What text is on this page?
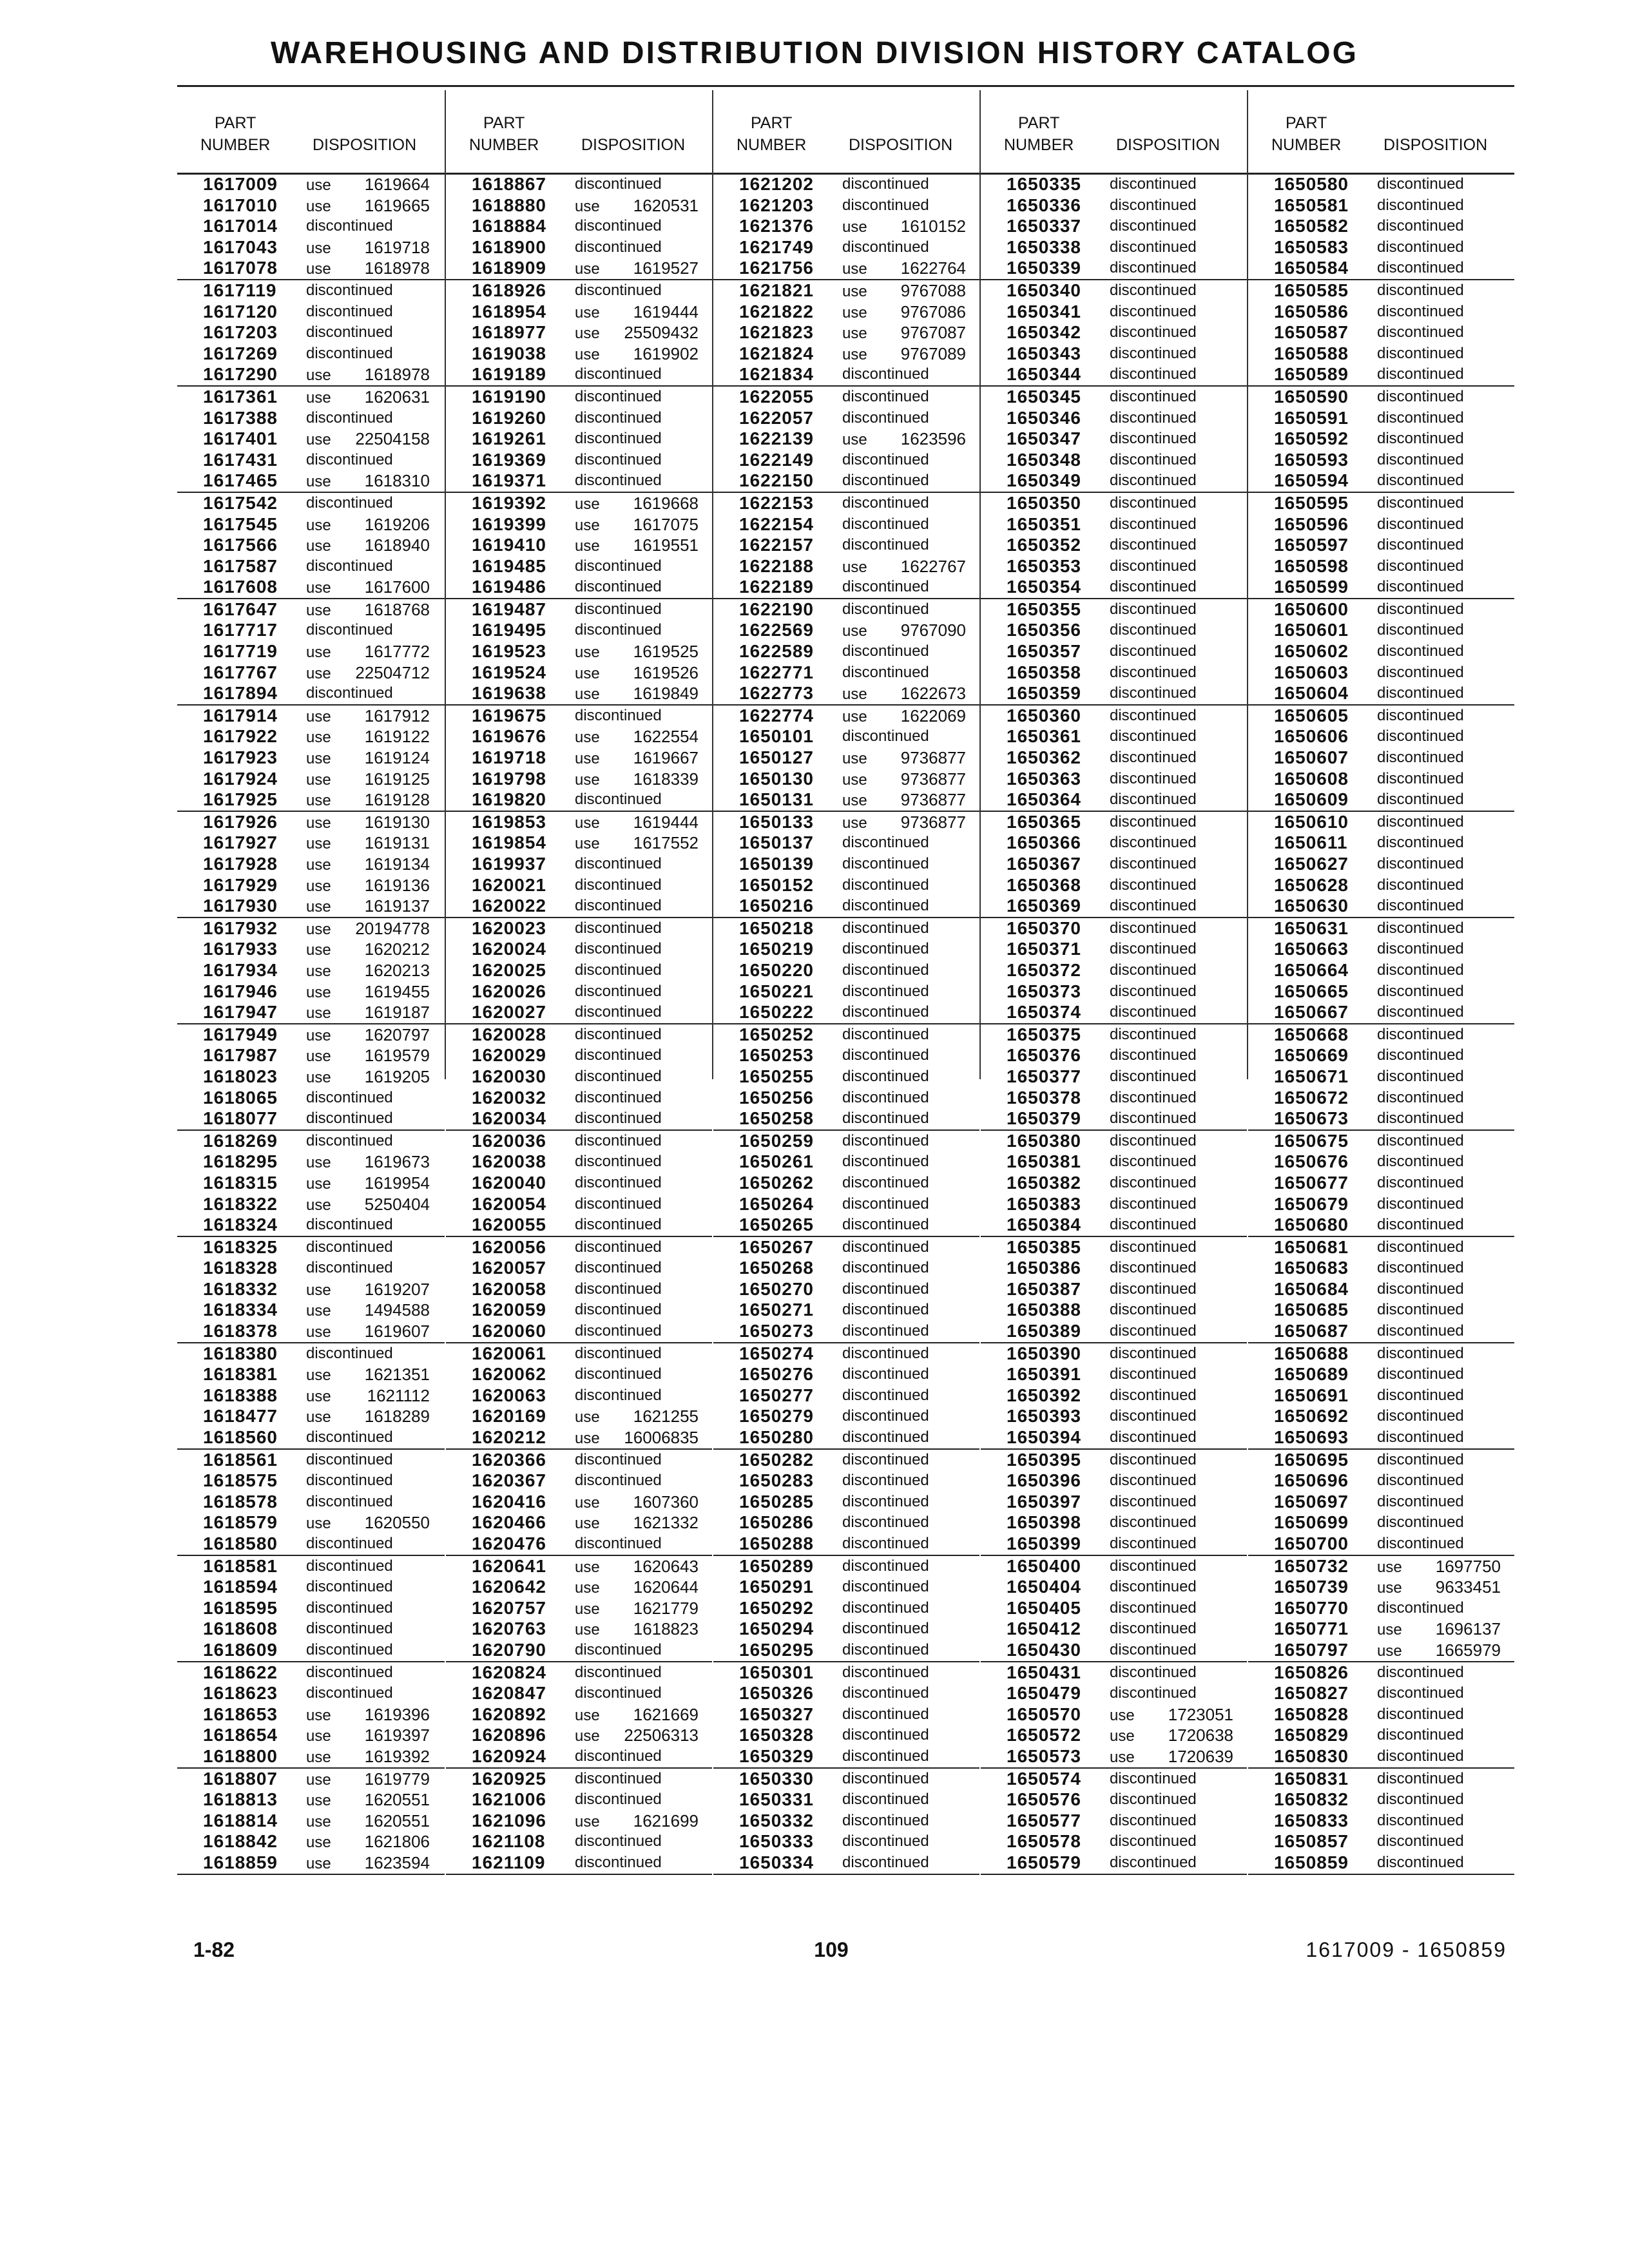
WAREHOUSING AND DISTRIBUTION DIVISION HISTORY CATALOG
PART
NUMBER	DISPOSITION
1617009 use 1619664
1617010 use 1619665
1617014 discontinued
1617043 use 1619718
1617078 use 1618978
1617119 discontinued
1617120 discontinued
1617203 discontinued
1617269 discontinued
1617290 use 1618978
1617361 use 1620631
1617388 discontinued
1617401 use 22504158
1617431 discontinued
1617465 use 1618310
1617542 discontinued
1617545 use 1619206
1617566 use 1618940
1617587 discontinued
1617608 use 1617600
1617647 use 1618768
1617717 discontinued
1617719 use 1617772
1617767 use 22504712
1617894 discontinued
1617914 use 1617912
1617922 use 1619122
1617923 use 1619124
1617924 use 1619125
1617925 use 1619128
1617926 use 1619130
1617927 use 1619131
1617928 use 1619134
1617929 use 1619136
1617930 use 1619137
1617932 use 20194778
1617933 use 1620212
1617934 use 1620213
1617946 use 1619455
1617947 use 1619187
1617949 use 1620797
1617987 use 1619579
1618023 use 1619205
1618065 discontinued
1618077 discontinued
1618269 discontinued
1618295 use 1619673
1618315 use 1619954
1618322 use 5250404
1618324 discontinued
1618325 discontinued
1618328 discontinued
1618332 use 1619207
1618334 use 1494588
1618378 use 1619607
1618380 discontinued
1618381 use 1621351
1618388 use 1621112
1618477 use 1618289
1618560 discontinued
1618561 discontinued
1618575 discontinued
1618578 discontinued
1618579 use 1620550
1618580 discontinued
1618581 discontinued
1618594 discontinued
1618595 discontinued
1618608 discontinued
1618609 discontinued
1618622 discontinued
1618623 discontinued
1618653 use 1619396
1618654 use 1619397
1618800 use 1619392
1618807 use 1619779
1618813 use 1620551
1618814 use 1620551
1618842 use 1621806
1618859 use 1623594
PART
NUMBER	DISPOSITION
1618867 discontinued
1618880 use 1620531
1618884 discontinued
1618900 discontinued
1618909 use 1619527
1618926 discontinued
1618954 use 1619444
1618977 use 25509432
1619038 use 1619902
1619189 discontinued
1619190 discontinued
1619260 discontinued
1619261 discontinued
1619369 discontinued
1619371 discontinued
1619392 use 1619668
1619399 use 1617075
1619410 use 1619551
1619485 discontinued
1619486 discontinued
1619487 discontinued
1619495 discontinued
1619523 use 1619525
1619524 use 1619526
1619638 use 1619849
1619675 discontinued
1619676 use 1622554
1619718 use 1619667
1619798 use 1618339
1619820 discontinued
1619853 use 1619444
1619854 use 1617552
1619937 discontinued
1620021 discontinued
1620022 discontinued
1620023 discontinued
1620024 discontinued
1620025 discontinued
1620026 discontinued
1620027 discontinued
1620028 discontinued
1620029 discontinued
1620030 discontinued
1620032 discontinued
1620034 discontinued
1620036 discontinued
1620038 discontinued
1620040 discontinued
1620054 discontinued
1620055 discontinued
1620056 discontinued
1620057 discontinued
1620058 discontinued
1620059 discontinued
1620060 discontinued
1620061 discontinued
1620062 discontinued
1620063 discontinued
1620169 use 1621255
1620212 use 16006835
1620366 discontinued
1620367 discontinued
1620416 use 1607360
1620466 use 1621332
1620476 discontinued
1620641 use 1620643
1620642 use 1620644
1620757 use 1621779
1620763 use 1618823
1620790 discontinued
1620824 discontinued
1620847 discontinued
1620892 use 1621669
1620896 use 22506313
1620924 discontinued
1620925 discontinued
1621006 discontinued
1621096 use 1621699
1621108 discontinued
1621109 discontinued
PART
NUMBER	DISPOSITION
1621202 discontinued
1621203 discontinued
1621376 use 1610152
1621749 discontinued
1621756 use 1622764
1621821 use 9767088
1621822 use 9767086
1621823 use 9767087
1621824 use 9767089
1621834 discontinued
1622055 discontinued
1622057 discontinued
1622139 use 1623596
1622149 discontinued
1622150 discontinued
1622153 discontinued
1622154 discontinued
1622157 discontinued
1622188 use 1622767
1622189 discontinued
1622190 discontinued
1622569 use 9767090
1622589 discontinued
1622771 discontinued
1622773 use 1622673
1622774 use 1622069
1650101 discontinued
1650127 use 9736877
1650130 use 9736877
1650131 use 9736877
1650133 use 9736877
1650137 discontinued
1650139 discontinued
1650152 discontinued
1650216 discontinued
1650218 discontinued
1650219 discontinued
1650220 discontinued
1650221 discontinued
1650222 discontinued
1650252 discontinued
1650253 discontinued
1650255 discontinued
1650256 discontinued
1650258 discontinued
1650259 discontinued
1650261 discontinued
1650262 discontinued
1650264 discontinued
1650265 discontinued
1650267 discontinued
1650268 discontinued
1650270 discontinued
1650271 discontinued
1650273 discontinued
1650274 discontinued
1650276 discontinued
1650277 discontinued
1650279 discontinued
1650280 discontinued
1650282 discontinued
1650283 discontinued
1650285 discontinued
1650286 discontinued
1650288 discontinued
1650289 discontinued
1650291 discontinued
1650292 discontinued
1650294 discontinued
1650295 discontinued
1650301 discontinued
1650326 discontinued
1650327 discontinued
1650328 discontinued
1650329 discontinued
1650330 discontinued
1650331 discontinued
1650332 discontinued
1650333 discontinued
1650334 discontinued
PART
NUMBER	DISPOSITION
1650335 discontinued
1650336 discontinued
1650337 discontinued
1650338 discontinued
1650339 discontinued
1650340 discontinued
1650341 discontinued
1650342 discontinued
1650343 discontinued
1650344 discontinued
1650345 discontinued
1650346 discontinued
1650347 discontinued
1650348 discontinued
1650349 discontinued
1650350 discontinued
1650351 discontinued
1650352 discontinued
1650353 discontinued
1650354 discontinued
1650355 discontinued
1650356 discontinued
1650357 discontinued
1650358 discontinued
1650359 discontinued
1650360 discontinued
1650361 discontinued
1650362 discontinued
1650363 discontinued
1650364 discontinued
1650365 discontinued
1650366 discontinued
1650367 discontinued
1650368 discontinued
1650369 discontinued
1650370 discontinued
1650371 discontinued
1650372 discontinued
1650373 discontinued
1650374 discontinued
1650375 discontinued
1650376 discontinued
1650377 discontinued
1650378 discontinued
1650379 discontinued
1650380 discontinued
1650381 discontinued
1650382 discontinued
1650383 discontinued
1650384 discontinued
1650385 discontinued
1650386 discontinued
1650387 discontinued
1650388 discontinued
1650389 discontinued
1650390 discontinued
1650391 discontinued
1650392 discontinued
1650393 discontinued
1650394 discontinued
1650395 discontinued
1650396 discontinued
1650397 discontinued
1650398 discontinued
1650399 discontinued
1650400 discontinued
1650404 discontinued
1650405 discontinued
1650412 discontinued
1650430 discontinued
1650431 discontinued
1650479 discontinued
1650570 use 1723051
1650572 use 1720638
1650573 use 1720639
1650574 discontinued
1650576 discontinued
1650577 discontinued
1650578 discontinued
1650579 discontinued
PART
NUMBER	DISPOSITION
1650580 discontinued
1650581 discontinued
1650582 discontinued
1650583 discontinued
1650584 discontinued
1650585 discontinued
1650586 discontinued
1650587 discontinued
1650588 discontinued
1650589 discontinued
1650590 discontinued
1650591 discontinued
1650592 discontinued
1650593 discontinued
1650594 discontinued
1650595 discontinued
1650596 discontinued
1650597 discontinued
1650598 discontinued
1650599 discontinued
1650600 discontinued
1650601 discontinued
1650602 discontinued
1650603 discontinued
1650604 discontinued
1650605 discontinued
1650606 discontinued
1650607 discontinued
1650608 discontinued
1650609 discontinued
1650610 discontinued
1650611 discontinued
1650627 discontinued
1650628 discontinued
1650630 discontinued
1650631 discontinued
1650663 discontinued
1650664 discontinued
1650665 discontinued
1650667 discontinued
1650668 discontinued
1650669 discontinued
1650671 discontinued
1650672 discontinued
1650673 discontinued
1650675 discontinued
1650676 discontinued
1650677 discontinued
1650679 discontinued
1650680 discontinued
1650681 discontinued
1650683 discontinued
1650684 discontinued
1650685 discontinued
1650687 discontinued
1650688 discontinued
1650689 discontinued
1650691 discontinued
1650692 discontinued
1650693 discontinued
1650695 discontinued
1650696 discontinued
1650697 discontinued
1650699 discontinued
1650700 discontinued
1650732 use 1697750
1650739 use 9633451
1650770 discontinued
1650771 use 1696137
1650797 use 1665979
1650826 discontinued
1650827 discontinued
1650828 discontinued
1650829 discontinued
1650830 discontinued
1650831 discontinued
1650832 discontinued
1650833 discontinued
1650857 discontinued
1650859 discontinued
1-82	109	1617009 - 1650859
